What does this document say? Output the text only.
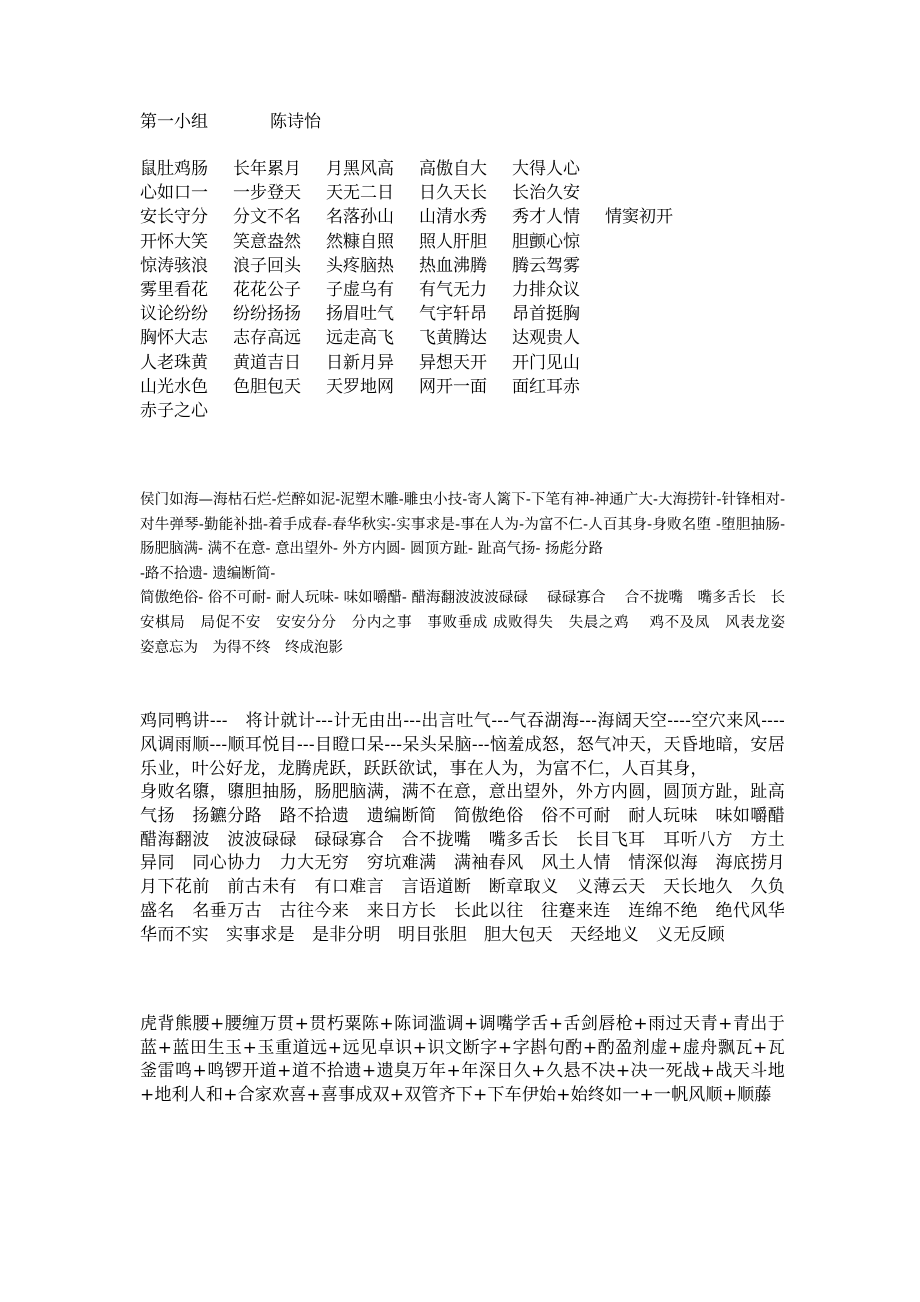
第一小组	陈诗怡
鼠肚鸡肠 长年累月 月黑风高 高傲自大 大得人心
心如口一 一步登天 天无二日 日久天长 长治久安
安长守分 分文不名 名落孙山 山清水秀 秀才人情 情窦初开
开怀大笑 笑意盎然 然糠自照 照人肝胆 胆颤心惊
惊涛骇浪 浪子回头 头疼脑热 热血沸腾 腾云驾雾
雾里看花 花花公子 子虚乌有 有气无力 力排众议
议论纷纷 纷纷扬扬 扬眉吐气 气宇轩昂 昂首挺胸
胸怀大志 志存高远 远走高飞 飞黄腾达 达观贵人
人老珠黄 黄道吉日 日新月异 异想天开 开门见山
山光水色 色胆包天 天罗地网 网开一面 面红耳赤
赤子之心

侯门如海—海枯石烂-烂醉如泥-泥塑木雕-雕虫小技-寄人篱下-下笔有神-神通广大-大海捞针-针锋相对-对牛弹琴-勤能补拙-着手成春-春华秋实-实事求是-事在人为-为富不仁-人百其身-身败名堕 -堕胆抽肠- 肠肥脑满- 满不在意- 意出望外- 外方内圆- 圆顶方趾- 趾高气扬- 扬彪分路

-路不拾遗- 遗编断简-

简傲绝俗- 俗不可耐- 耐人玩味- 味如嚼醋- 醋海翻波波波碌碌　 碌碌寡合　 合不拢嘴　嘴多舌长　长　　安棋局　局促不安　安安分分　分内之事　事败垂成 成败得失　失晨之鸡　 鸡不及凤　风表龙姿　姿意忘为　为得不终　终成泡影

鸡同鸭讲---　将计就计---计无由出---出言吐气---气吞湖海---海阔天空----空穴来风----风调雨顺---顺耳悦目---目瞪口呆---呆头呆脑---恼羞成怒，怒气冲天，天昏地暗，安居乐业，叶公好龙，龙腾虎跃，跃跃欲试，事在人为，为富不仁，人百其身，

身败名隳，隳胆抽肠，肠肥脑满，满不在意，意出望外，外方内圆，圆顶方趾，趾高气扬　扬鑣分路　路不拾遗　遗编断简　简傲绝俗　俗不可耐　耐人玩味　味如嚼醋　醋海翻波　波波碌碌　碌碌寡合　合不拢嘴　嘴多舌长　长目飞耳　耳听八方　方土异同　同心协力　力大无穷　穷坑难满　满袖春风　风土人情　情深似海　海底捞月　月下花前　前古未有　有口难言　言语道断　断章取义　义薄云天　天长地久　久负盛名　名垂万古　古往今来　来日方长　长此以往　往蹇来连　连绵不绝　绝代风华　华而不实　实事求是　是非分明　明目张胆　胆大包天　天经地义　义无反顾

虎背熊腰+腰缠万贯+贯朽粟陈+陈词滥调+调嘴学舌+舌剑唇枪+雨过天青+青出于蓝+蓝田生玉+玉重道远+远见卓识+识文断字+字斟句酌+酌盈剂虚+虚舟飘瓦+瓦釜雷鸣+鸣锣开道+道不拾遗+遗臭万年+年深日久+久悬不决+决一死战+战天斗地+地利人和+合家欢喜+喜事成双+双管齐下+下车伊始+始终如一+一帆风顺+顺藤
